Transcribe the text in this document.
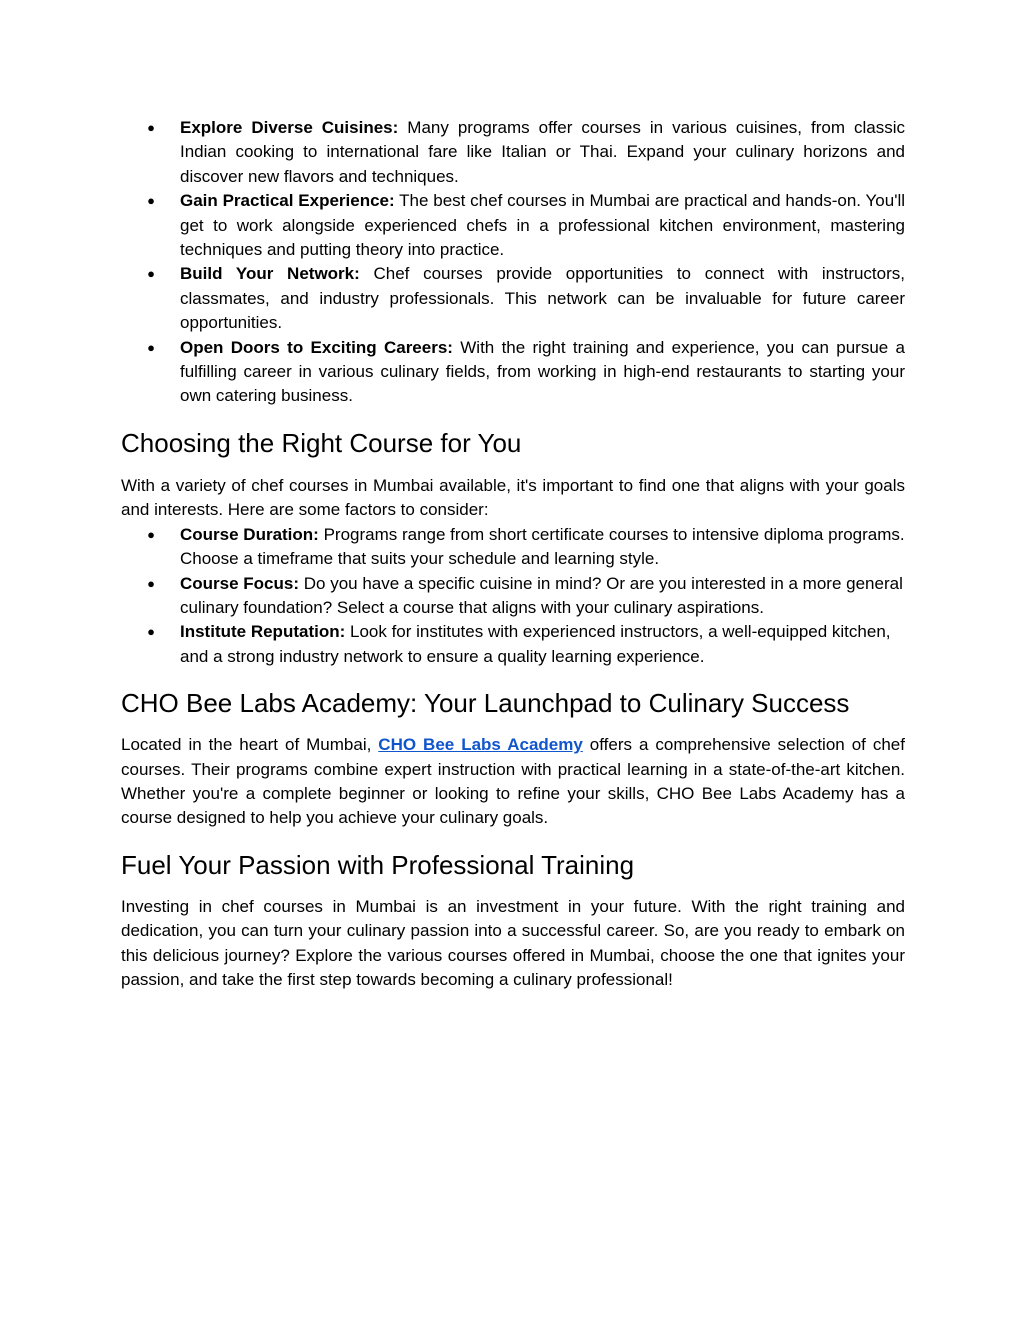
●	Explore Diverse Cuisines: Many programs offer courses in various cuisines, from classic Indian cooking to international fare like Italian or Thai. Expand your culinary horizons and discover new flavors and techniques.
●	Gain Practical Experience: The best chef courses in Mumbai are practical and hands-on. You'll get to work alongside experienced chefs in a professional kitchen environment, mastering techniques and putting theory into practice.
●	Build Your Network: Chef courses provide opportunities to connect with instructors, classmates, and industry professionals. This network can be invaluable for future career opportunities.
●	Open Doors to Exciting Careers: With the right training and experience, you can pursue a fulfilling career in various culinary fields, from working in high-end restaurants to starting your own catering business.
Choosing the Right Course for You

With a variety of chef courses in Mumbai available, it's important to find one that aligns with your goals and interests. Here are some factors to consider:

●	Course Duration: Programs range from short certificate courses to intensive diploma programs. Choose a timeframe that suits your schedule and learning style.
●	Course Focus: Do you have a specific cuisine in mind? Or are you interested in a more general culinary foundation? Select a course that aligns with your culinary aspirations.
●	Institute Reputation: Look for institutes with experienced instructors, a well-equipped kitchen, and a strong industry network to ensure a quality learning experience.
CHO Bee Labs Academy: Your Launchpad to Culinary Success

Located in the heart of Mumbai, CHO Bee Labs Academy offers a comprehensive selection of chef courses. Their programs combine expert instruction with practical learning in a state-of-the-art kitchen. Whether you're a complete beginner or looking to refine your skills, CHO Bee Labs Academy has a course designed to help you achieve your culinary goals.

Fuel Your Passion with Professional Training

Investing in chef courses in Mumbai is an investment in your future. With the right training and dedication, you can turn your culinary passion into a successful career. So, are you ready to embark on this delicious journey? Explore the various courses offered in Mumbai, choose the one that ignites your passion, and take the first step towards becoming a culinary professional!
